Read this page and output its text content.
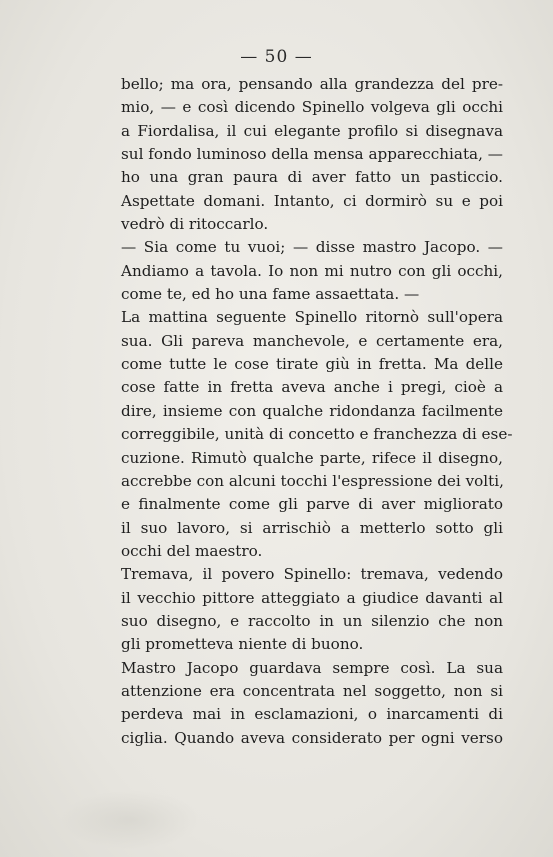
— 50 —
bello; ma ora, pensando alla grandezza del pre-
mio, — e così dicendo Spinello volgeva gli occhi
a Fiordalisa, il cui elegante profilo si disegnava
sul fondo luminoso della mensa apparecchiata, —
ho una gran paura di aver fatto un pasticcio.
Aspettate domani. Intanto, ci dormirò su e poi
vedrò di ritoccarlo.
— Sia come tu vuoi; — disse mastro Jacopo. —
Andiamo a tavola. Io non mi nutro con gli occhi,
come te, ed ho una fame assaettata. —
La mattina seguente Spinello ritornò sull'opera
sua. Gli pareva manchevole, e certamente era,
come tutte le cose tirate giù in fretta. Ma delle
cose fatte in fretta aveva anche i pregi, cioè a
dire, insieme con qualche ridondanza facilmente
correggibile, unità di concetto e franchezza di ese-
cuzione. Rimutò qualche parte, rifece il disegno,
accrebbe con alcuni tocchi l'espressione dei volti,
e finalmente come gli parve di aver migliorato
il suo lavoro, si arrischiò a metterlo sotto gli
occhi del maestro.
Tremava, il povero Spinello: tremava, vedendo
il vecchio pittore atteggiato a giudice davanti al
suo disegno, e raccolto in un silenzio che non
gli prometteva niente di buono.
Mastro Jacopo guardava sempre così. La sua
attenzione era concentrata nel soggetto, non si
perdeva mai in esclamazioni, o inarcamenti di
ciglia. Quando aveva considerato per ogni verso
